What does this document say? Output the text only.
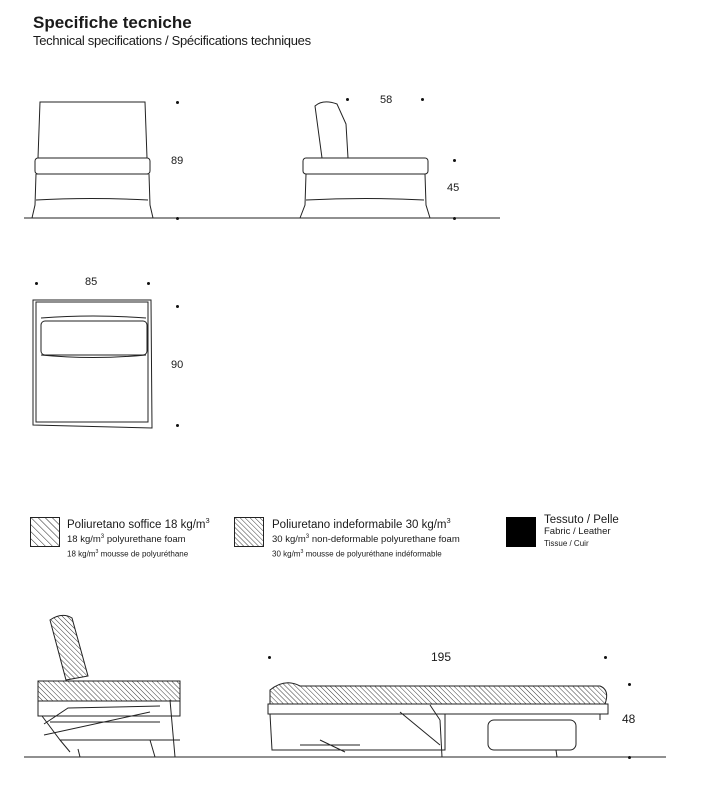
Specifiche tecniche
Technical specifications / Spécifications techniques
89
58
45
85
90
195
48
Poliuretano soffice 18 $kg/m^3$
18 $kg/m^3$ polyurethane foam
18 $kg/m^3$ mousse de polyuréthane
Poliuretano indeformabile 30 $kg/m^3$
30 $kg/m^3$ non-deformable polyurethane foam
30 $kg/m^3$ mousse de polyuréthane indéformable
Tessuto / Pelle
Fabric / Leather
Tissue / Cuir
